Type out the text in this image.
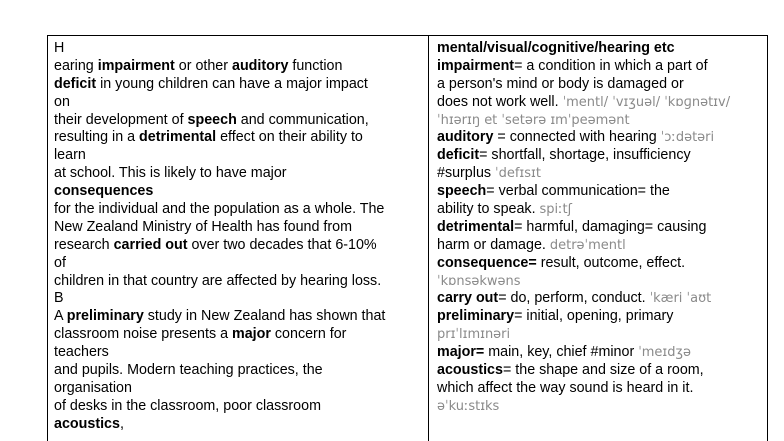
H
earing impairment or other auditory function
deficit in young children can have a major impact
on
their development of speech and communication,
resulting in a detrimental effect on their ability to
learn
at school. This is likely to have major
consequences
for the individual and the population as a whole. The
New Zealand Ministry of Health has found from
research carried out over two decades that 6-10%
of
children in that country are affected by hearing loss.
B
A preliminary study in New Zealand has shown that
classroom noise presents a major concern for
teachers
and pupils. Modern teaching practices, the
organisation
of desks in the classroom, poor classroom
acoustics,
mental/visual/cognitive/hearing etc
impairment= a condition in which a part of
a person's mind or body is damaged or
does not work well. ˈmentl/ ˈvɪʒuəl/ ˈkɒɡnətɪv/
ˈhɪərɪŋ et ˈsetərə ɪmˈpeəmənt
auditory = connected with hearing ˈɔːdətəri
deficit= shortfall, shortage, insufficiency
#surplus ˈdefɪsɪt
speech= verbal communication= the
ability to speak. spiːtʃ
detrimental= harmful, damaging= causing
harm or damage. detrəˈmentl
consequence= result, outcome, effect.
ˈkɒnsəkwəns
carry out= do, perform, conduct. ˈkæri ˈaʊt
preliminary= initial, opening, primary
prɪˈlɪmɪnəri
major= main, key, chief #minor ˈmeɪdʒə
acoustics= the shape and size of a room,
which affect the way sound is heard in it.
əˈkuːstɪks
